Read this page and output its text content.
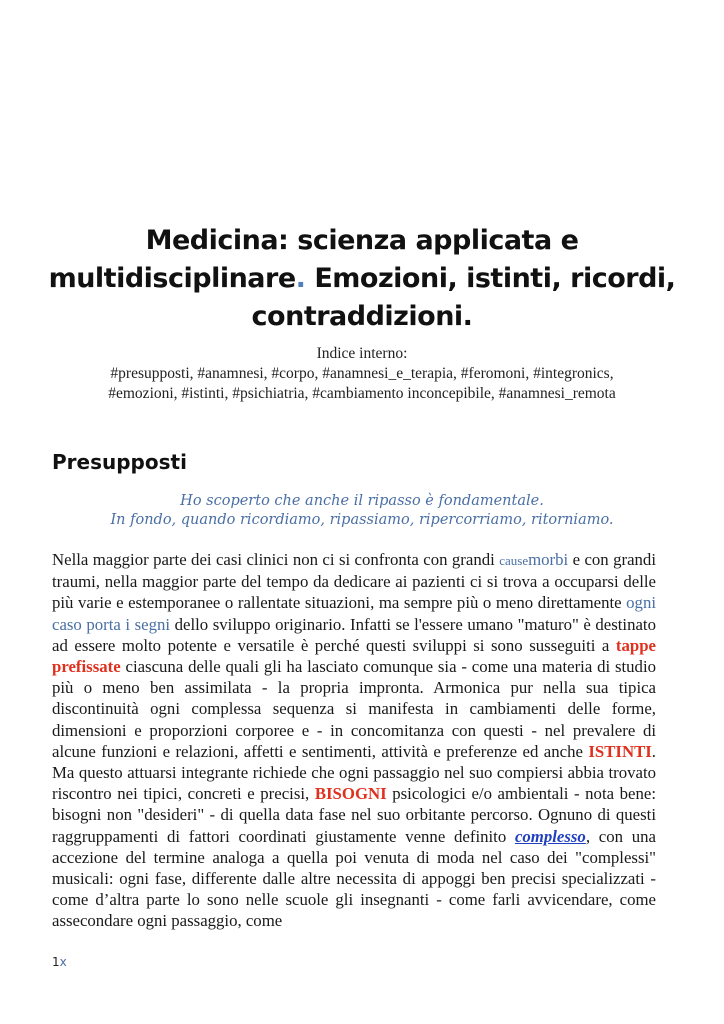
Medicina: scienza applicata e multidisciplinare. Emozioni, istinti, ricordi, contraddizioni.
Indice interno:
#presupposti, #anamnesi, #corpo, #anamnesi_e_terapia, #feromoni, #integronics,
#emozioni, #istinti, #psichiatria, #cambiamento inconcepibile, #anamnesi_remota
Presupposti
Ho scoperto che anche il ripasso è fondamentale.
In fondo, quando ricordiamo, ripassiamo, ripercorriamo, ritorniamo.
Nella maggior parte dei casi clinici non ci si confronta con grandi causemorbi e con grandi traumi, nella maggior parte del tempo da dedicare ai pazienti ci si trova a occuparsi delle più varie e estemporanee o rallentate situazioni, ma sempre più o meno direttamente ogni caso porta i segni dello sviluppo originario. Infatti se l'essere umano "maturo" è destinato ad essere molto potente e versatile è perché questi sviluppi si sono susseguiti a tappe prefissate ciascuna delle quali gli ha lasciato comunque sia - come una materia di studio più o meno ben assimilata - la propria impronta. Armonica pur nella sua tipica discontinuità ogni complessa sequenza si manifesta in cambiamenti delle forme, dimensioni e proporzioni corporee e - in concomitanza con questi - nel prevalere di alcune funzioni e relazioni, affetti e sentimenti, attività e preferenze ed anche ISTINTI. Ma questo attuarsi integrante richiede che ogni passaggio nel suo compiersi abbia trovato riscontro nei tipici, concreti e precisi, BISOGNI psicologici e/o ambientali - nota bene: bisogni non "desideri" - di quella data fase nel suo orbitante percorso. Ognuno di questi raggruppamenti di fattori coordinati giustamente venne definito complesso, con una accezione del termine analoga a quella poi venuta di moda nel caso dei "complessi" musicali: ogni fase, differente dalle altre necessita di appoggi ben precisi specializzati - come d’altra parte lo sono nelle scuole gli insegnanti - come farli avvicendare, come assecondare ogni passaggio, come
1x
